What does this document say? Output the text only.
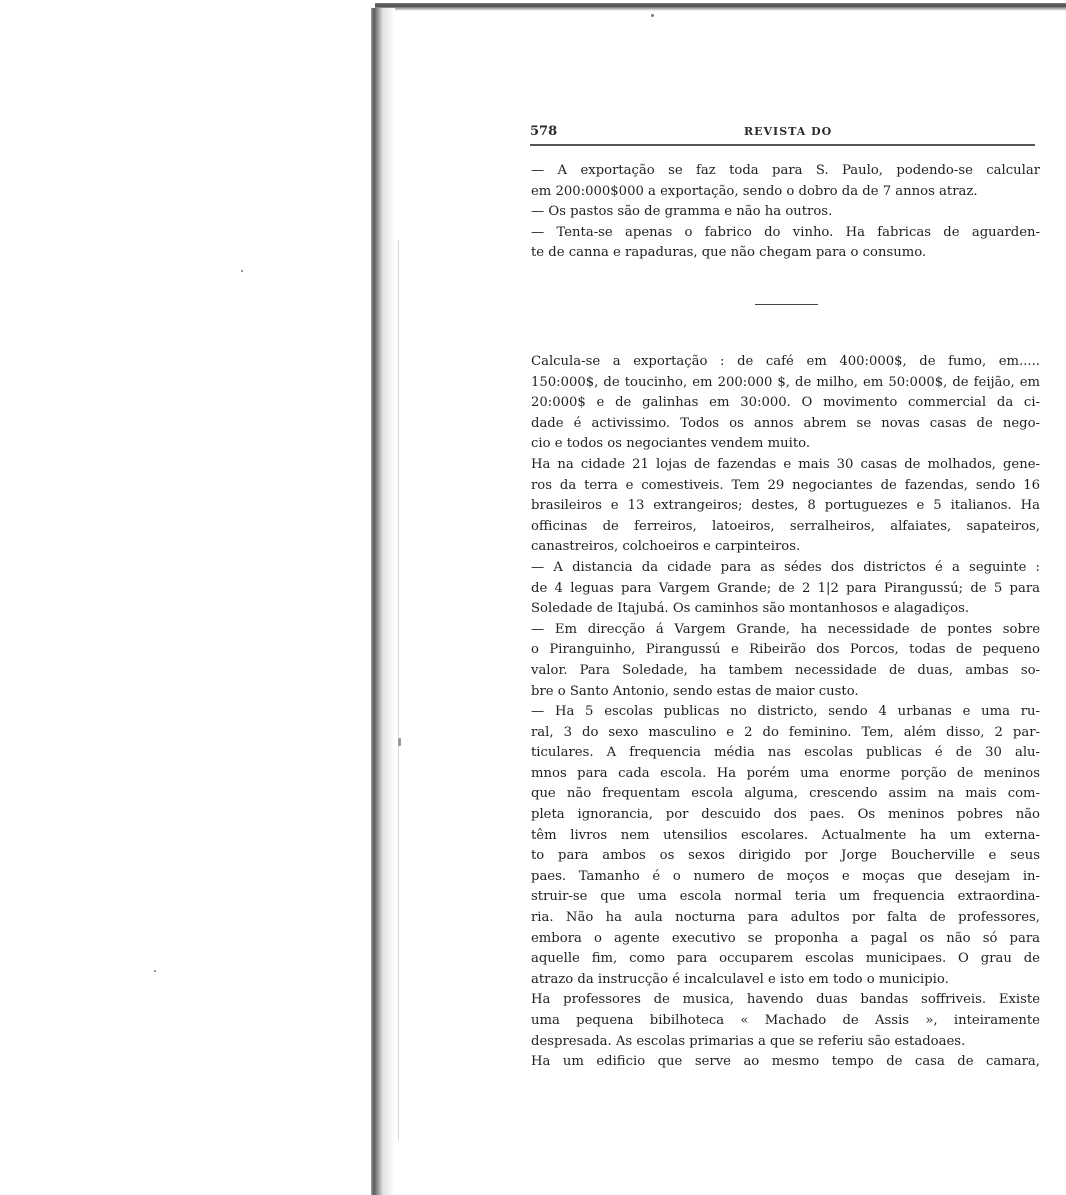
578	REVISTA DO
— A exportação se faz toda para S. Paulo, podendo-se calcular
em 200:000$000 a exportação, sendo o dobro da de 7 annos atraz.
— Os pastos são de gramma e não ha outros.
— Tenta-se apenas o fabrico do vinho. Ha fabricas de aguarden-
te de canna e rapaduras, que não chegam para o consumo.
Calcula-se a exportação : de café em 400:000$, de fumo, em.....
150:000$, de toucinho, em 200:000 $, de milho, em 50:000$, de feijão, em
20:000$ e de galinhas em 30:000. O movimento commercial da ci-
dade é activissimo. Todos os annos abrem se novas casas de nego-
cio e todos os negociantes vendem muito.
Ha na cidade 21 lojas de fazendas e mais 30 casas de molhados, gene-
ros da terra e comestiveis. Tem 29 negociantes de fazendas, sendo 16
brasileiros e 13 extrangeiros; destes, 8 portuguezes e 5 italianos. Ha
officinas de ferreiros, latoeiros, serralheiros, alfaiates, sapateiros,
canastreiros, colchoeiros e carpinteiros.
— A distancia da cidade para as sédes dos districtos é a seguinte :
de 4 leguas para Vargem Grande; de 2 1|2 para Pirangussú; de 5 para
Soledade de Itajubá. Os caminhos são montanhosos e alagadiços.
— Em direcção á Vargem Grande, ha necessidade de pontes sobre
o Piranguinho, Pirangussú e Ribeirão dos Porcos, todas de pequeno
valor. Para Soledade, ha tambem necessidade de duas, ambas so-
bre o Santo Antonio, sendo estas de maior custo.
— Ha 5 escolas publicas no districto, sendo 4 urbanas e uma ru-
ral, 3 do sexo masculino e 2 do feminino. Tem, além disso, 2 par-
ticulares. A frequencia média nas escolas publicas é de 30 alu-
mnos para cada escola. Ha porém uma enorme porção de meninos
que não frequentam escola alguma, crescendo assim na mais com-
pleta ignorancia, por descuido dos paes. Os meninos pobres não
têm livros nem utensilios escolares. Actualmente ha um externa-
to para ambos os sexos dirigido por Jorge Boucherville e seus
paes. Tamanho é o numero de moços e moças que desejam in-
struir-se que uma escola normal teria um frequencia extraordina-
ria. Não ha aula nocturna para adultos por falta de professores,
embora o agente executivo se proponha a pagal os não só para
aquelle fim, como para occuparem escolas municipaes. O grau de
atrazo da instrucção é incalculavel e isto em todo o municipio.
Ha professores de musica, havendo duas bandas soffriveis. Existe
uma pequena bibilhoteca « Machado de Assis », inteiramente
despresada. As escolas primarias a que se referiu são estadoaes.
Ha um edificio que serve ao mesmo tempo de casa de camara,
